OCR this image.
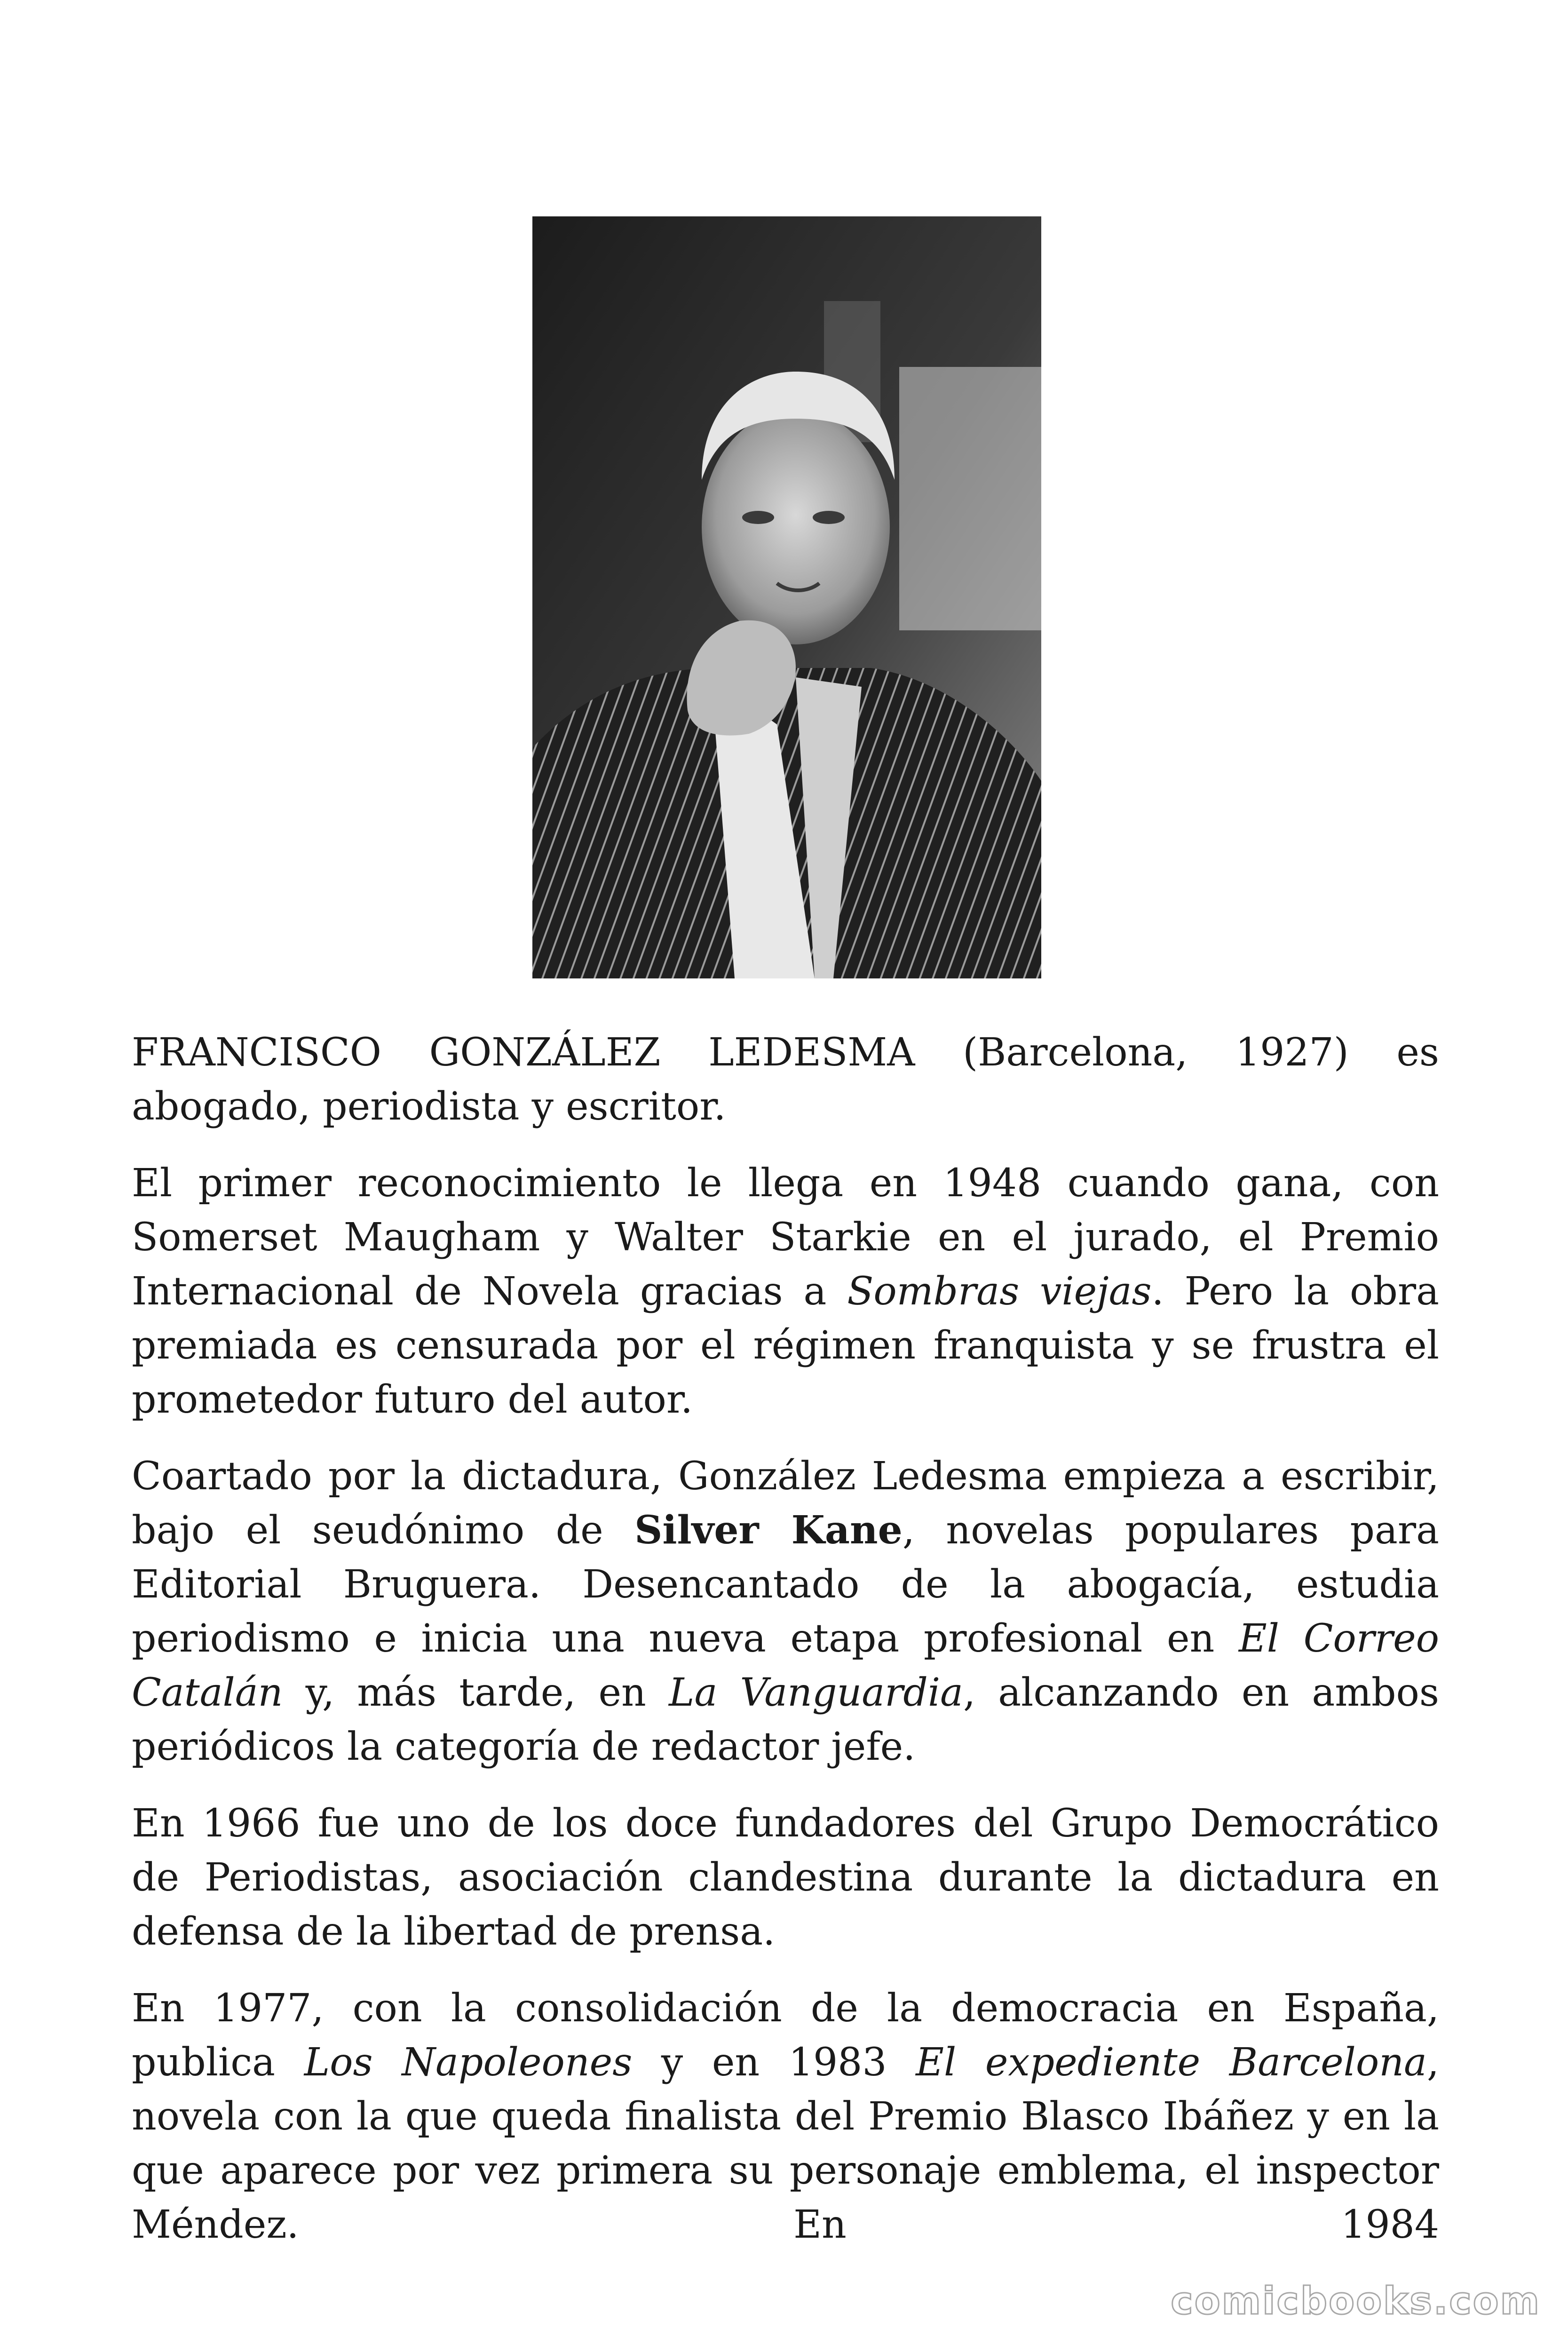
FRANCISCO GONZÁLEZ LEDESMA (Barcelona, 1927) es abogado, periodista y escritor.

El primer reconocimiento le llega en 1948 cuando gana, con Somerset Maugham y Walter Starkie en el jurado, el Premio Internacional de Novela gracias a Sombras viejas. Pero la obra premiada es censurada por el régimen franquista y se frustra el prometedor futuro del autor.

Coartado por la dictadura, González Ledesma empieza a escribir, bajo el seudónimo de Silver Kane, novelas populares para Editorial Bruguera. Desencantado de la abogacía, estudia periodismo e inicia una nueva etapa profesional en El Correo Catalán y, más tarde, en La Vanguardia, alcanzando en ambos periódicos la categoría de redactor jefe.

En 1966 fue uno de los doce fundadores del Grupo Democrático de Periodistas, asociación clandestina durante la dictadura en defensa de la libertad de prensa.

En 1977, con la consolidación de la democracia en España, publica Los Napoleones y en 1983 El expediente Barcelona, novela con la que queda finalista del Premio Blasco Ibáñez y en la que aparece por vez primera su personaje emblema, el inspector Méndez. En 1984

comicbooks.com
